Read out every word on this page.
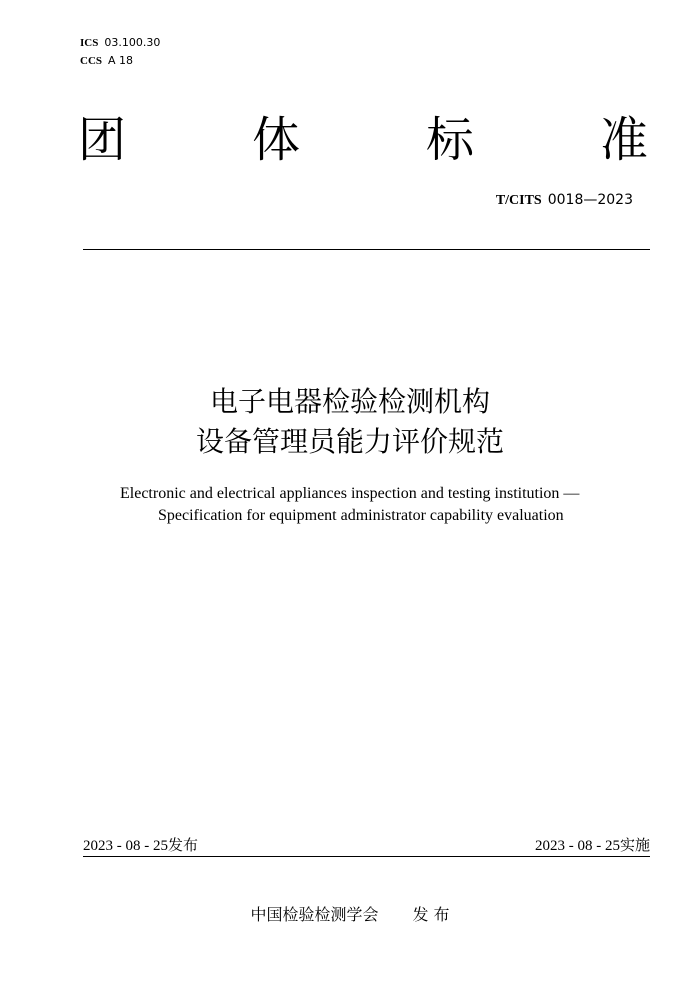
ICS 03.100.30
CCS A 18
团	体	标	准
T/CITS 0018—2023
电子电器检验检测机构
设备管理员能力评价规范
Electronic and electrical appliances inspection and testing institution —
Specification for equipment administrator capability evaluation
2023 - 08 - 25发布	2023 - 08 - 25实施
中国检验检测学会 发 布
